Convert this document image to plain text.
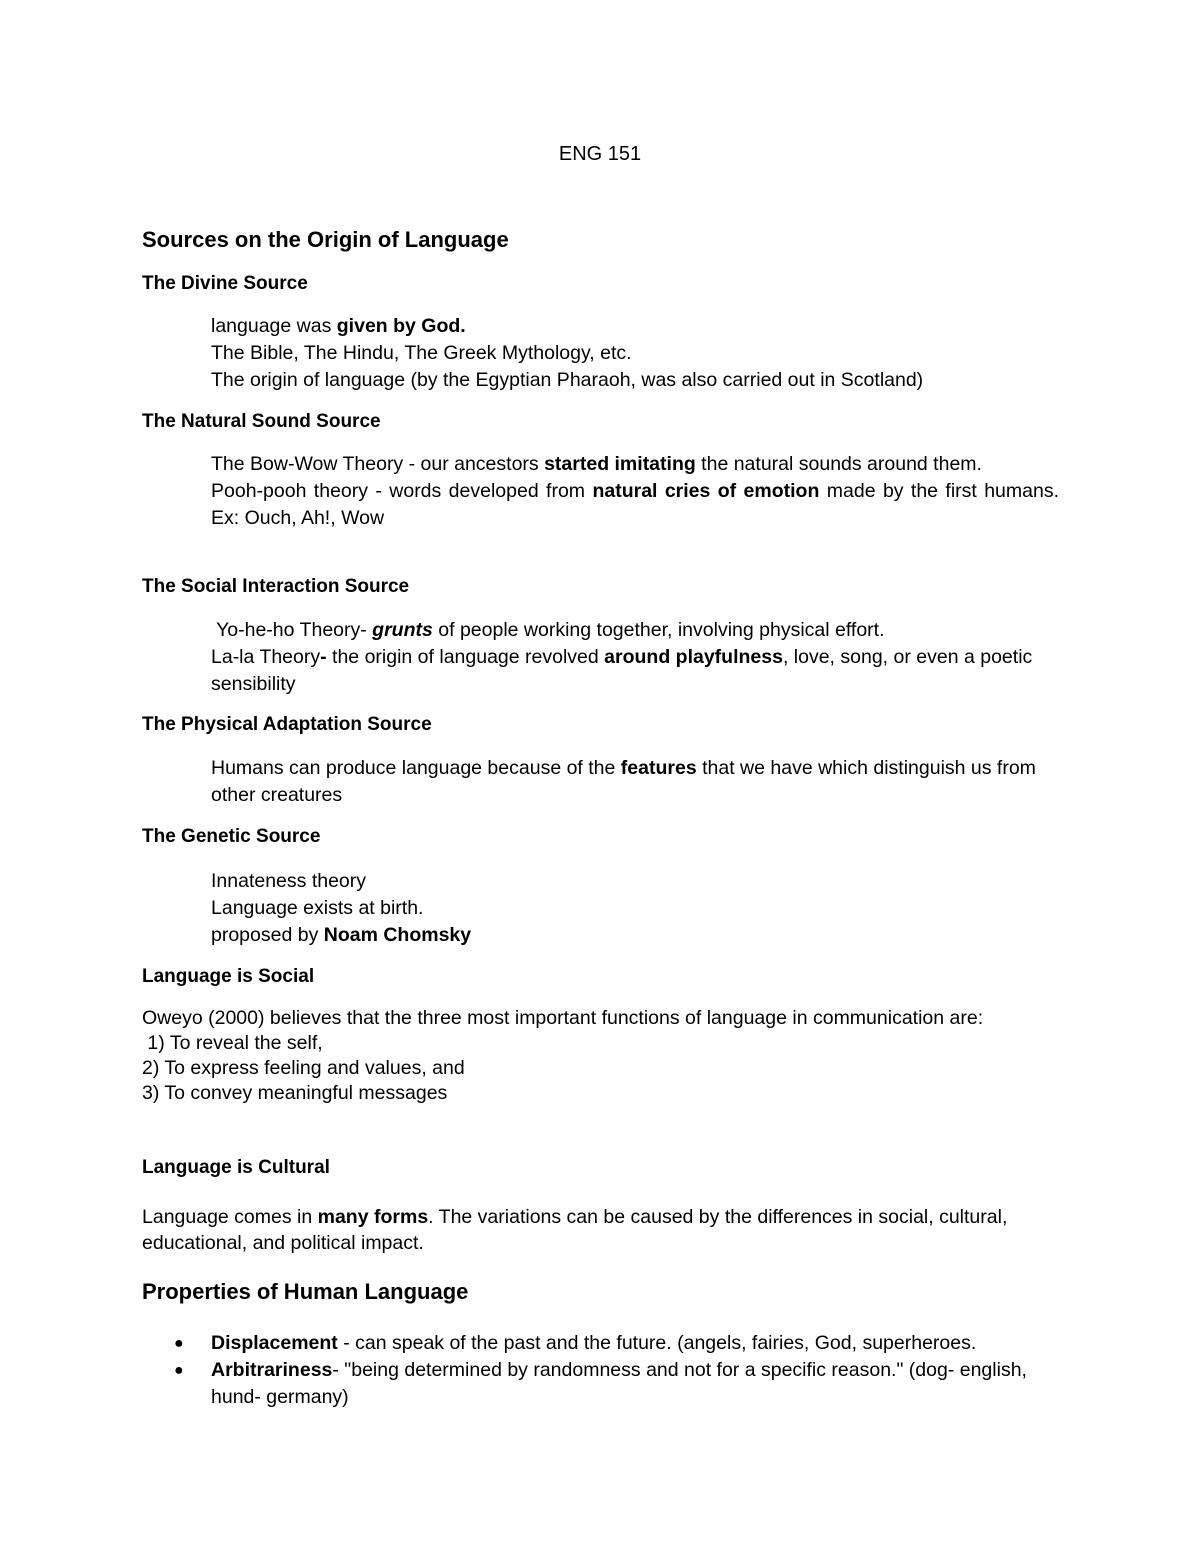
ENG 151
Sources on the Origin of Language
The Divine Source
language was given by God.
The Bible, The Hindu, The Greek Mythology, etc.
The origin of language (by the Egyptian Pharaoh, was also carried out in Scotland)
The Natural Sound Source
The Bow-Wow Theory - our ancestors started imitating the natural sounds around them.
Pooh-pooh theory - words developed from natural cries of emotion made by the first humans. Ex: Ouch, Ah!, Wow
The Social Interaction Source
Yo-he-ho Theory- grunts of people working together, involving physical effort.
La-la Theory- the origin of language revolved around playfulness, love, song, or even a poetic sensibility
The Physical Adaptation Source
Humans can produce language because of the features that we have which distinguish us from other creatures
The Genetic Source
Innateness theory
Language exists at birth.
proposed by Noam Chomsky
Language is Social
Oweyo (2000) believes that the three most important functions of language in communication are:
1) To reveal the self,
2) To express feeling and values, and
3) To convey meaningful messages
Language is Cultural
Language comes in many forms. The variations can be caused by the differences in social, cultural, educational, and political impact.
Properties of Human Language
● Displacement - can speak of the past and the future. (angels, fairies, God, superheroes.
● Arbitrariness- "being determined by randomness and not for a specific reason." (dog- english, hund- germany)
